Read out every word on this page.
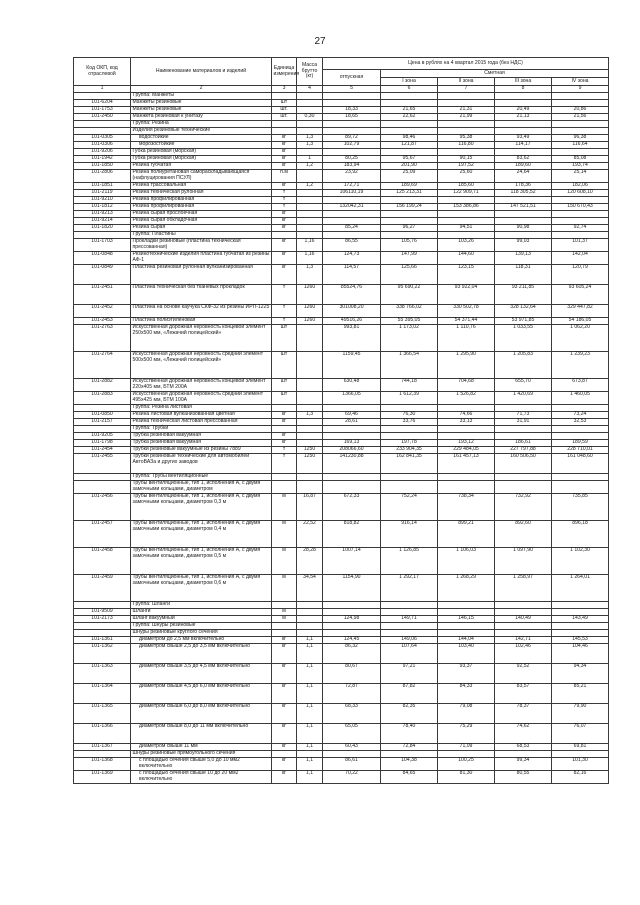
27
Код ОКП, код отраслевой	Наименование материалов и изделий	Единица измерения	Масса брутто (кг)	Цена в рублях на 4 квартал 2015 года (без НДС)				
				отпускная	Сметная			
					I зона	II зона	III зона	IV зона
1	2	3	4	5	6	7	8	9
	Группа: Манжеты							
101-6204	Манжеты резиновые	шт						
101-1753	Манжеты резиновые	шт.		18,33	21,65	21,31	20,49	20,86
101-2450	Манжета резиновая к унитазу	шт.	0,30	18,65	22,62	21,99	21,13	21,56
	Группа: Резина							
	Изделия резиновые технические							
101-0305	водостойкие	кг	1,3	89,72	98,46	95,38	93,49	96,38
101-0306	морозостойкие	кг	1,3	102,79	121,87	116,80	114,17	116,64
101-9206	Губка резиновая (морская)	кг						
101-1942	Губка резиновая (морская)	кг	1	80,25	95,67	90,15	83,62	85,08
101-1850	Резина губчатая	кг	1,2	183,94	201,90	197,52	189,60	193,74
101-2806	Резина полиуретановая самораскладывающаяся (нафлуцирования ПСУЛ)	п.м		23,92	25,09	25,60	24,64	25,14
101-1851	Резина трассовальная	кг	1,2	172,71	189,69	185,60	178,36	182,06
101-2119	Резина техническая рулонная	т		106110,19	125 213,31	122 909,71	118 305,52	120 608,10
101-9210	Резина профилированная	т						
101-1812	Резина профилированная	т		132042,31	156 199,24	153 386,86	147 521,51	150 670,43
101-9213	Резина сырая прослоечная	кг						
101-9214	Резина сырая обкладочная	кг						
101-1820	Резина сырая	кг		85,24	96,27	94,51	90,98	92,74
	Группа: Пластины							
101-1703	Прокладки резиновые (пластина техническая прессованная)	кг	1,16	86,55	105,76	103,26	99,03	101,37
101-0848	Резинотехнические изделия пластина губчатая из резины АФ-1	кг	1,16	124,73	147,99	144,60	139,13	142,04
101-0849	Пластина резиновая рулонная вулканизированная	кг	1,3	114,57	125,66	123,15	118,31	120,79
101-2451	Пластина техническая без тканевых прокладок	т	1260	85524,76	95 690,22	93 922,04	93 211,85	93 605,24
101-2452	Пластина на основе каучука СКФ-32 из резины ИРП-1225	т	1260	301008,20	338 766,02	330 502,78	328 132,64	329 447,82
101-2453	Пластина полиэтиленовая	т	1260	49516,26	55 395,05	54 371,44	53 971,85	54 186,05
101-2763	Искусственная дорожная неровность концевой элемент 250х500 мм, «Лежачий полицейский»	шт		993,81	1 173,02	1 110,76	1 033,55	1 062,20
101-2764	Искусственная дорожная неровность средний элемент 500х500 мм, «Лежачий полицейский»	шт		1159,45	1 366,54	1 295,90	1 205,83	1 239,23
101-2882	Искусственная дорожная неровность концевой элемент 220х405 мм, БТМ 200А	шт		630,48	744,18	704,68	655,70	673,87
101-2883	Искусственная дорожная неровность средний элемент 495х425 мм, БТМ 100А	шт		1366,05	1 612,39	1 526,82	1 420,69	1 460,05
	Группа: Резина листовая							
101-0850	Резина листовая вулканизованная цветная	кг	1,3	69,46	76,30	74,66	71,73	73,24
101-2157	Резина техническая листовая прессованная	кг		28,61	33,76	33,13	31,91	32,53
	Группа: Трубки							
101-9205	Трубка резиновая вакуумная	кг						
101-1798	Трубка резиновая вакуумная	кг		169,13	197,78	193,12	186,61	189,59
101-2454	Трубки резиновые вакуумные из резины 7889	т	1250	208066,60	233 904,35	229 484,05	227 797,88	228 710,01
101-2455	Трубки резиновые технические для автомобилей АвтоВАЗа и других заводов	т	1250	141230,88	162 841,35	161 457,13	160 506,50	161 048,60
	Группа: Трубы вентиляционные							
	Трубы вентиляционные, тип 1, исполнения А, с двумя замочными кольцами, диаметром							
101-2456	Трубы вентиляционные, тип 1, исполнения А, с двумя замочными кольцами, диаметром 0,3 м	м	16,87	672,33	752,24	738,34	732,92	735,85
101-2457	Трубы вентиляционные, тип 1, исполнения А, с двумя замочными кольцами, диаметром 0,4 м	м	22,52	818,82	916,14	899,21	892,60	896,18
101-2458	Трубы вентиляционные, тип 1, исполнения А, с двумя замочными кольцами, диаметром 0,5 м	м	28,28	1007,14	1 126,85	1 106,03	1 097,90	1 102,30
101-2459	Трубы вентиляционные, тип 1, исполнения А, с двумя замочными кольцами, диаметром 0,6 м	м	34,54	1154,90	1 292,17	1 268,29	1 258,97	1 264,01
	Группа: Шланги							
101-9509	Шланги	м						
101-2173	Шланг вакуумный	м		124,98	149,71	146,15	140,49	143,49
	Группа: Шнуры резиновые							
	Шнуры резиновые круглого сечения							
101-1361	диаметром до 2,5 мм включительно	кг	1,1	124,45	149,06	144,04	142,71	145,53
101-1362	диаметром свыше 2,5 до 3,5 мм включительно	кг	1,1	86,32	107,64	103,40	102,46	104,46
101-1363	диаметром свыше 3,5 до 4,5 мм включительно	кг	1,1	80,67	97,21	93,37	92,52	94,34
101-1364	диаметром свыше 4,5 до 6,0 мм включительно	кг	1,1	72,87	87,82	84,33	83,57	85,21
101-1365	диаметром свыше 6,0 до 8,0 мм включительно	кг	1,1	68,33	82,35	79,08	78,37	79,90
101-1366	диаметром свыше 8,0 до 11 мм включительно	кг	1,1	65,05	78,40	75,29	74,62	76,07
101-1367	диаметром свыше 11 мм	кг	1,1	60,43	72,84	71,09	68,53	69,81
	Шнуры резиновые прямоугольного сечения							
101-1368	с площадью сечения свыше 5,0 до 10 мм2 включительно	кг	1,1	86,61	104,38	100,25	99,34	101,30
101-1369	с площадью сечения свыше 10 до 20 мм2 включительно	кг	1,1	70,22	84,65	81,30	80,55	82,16
